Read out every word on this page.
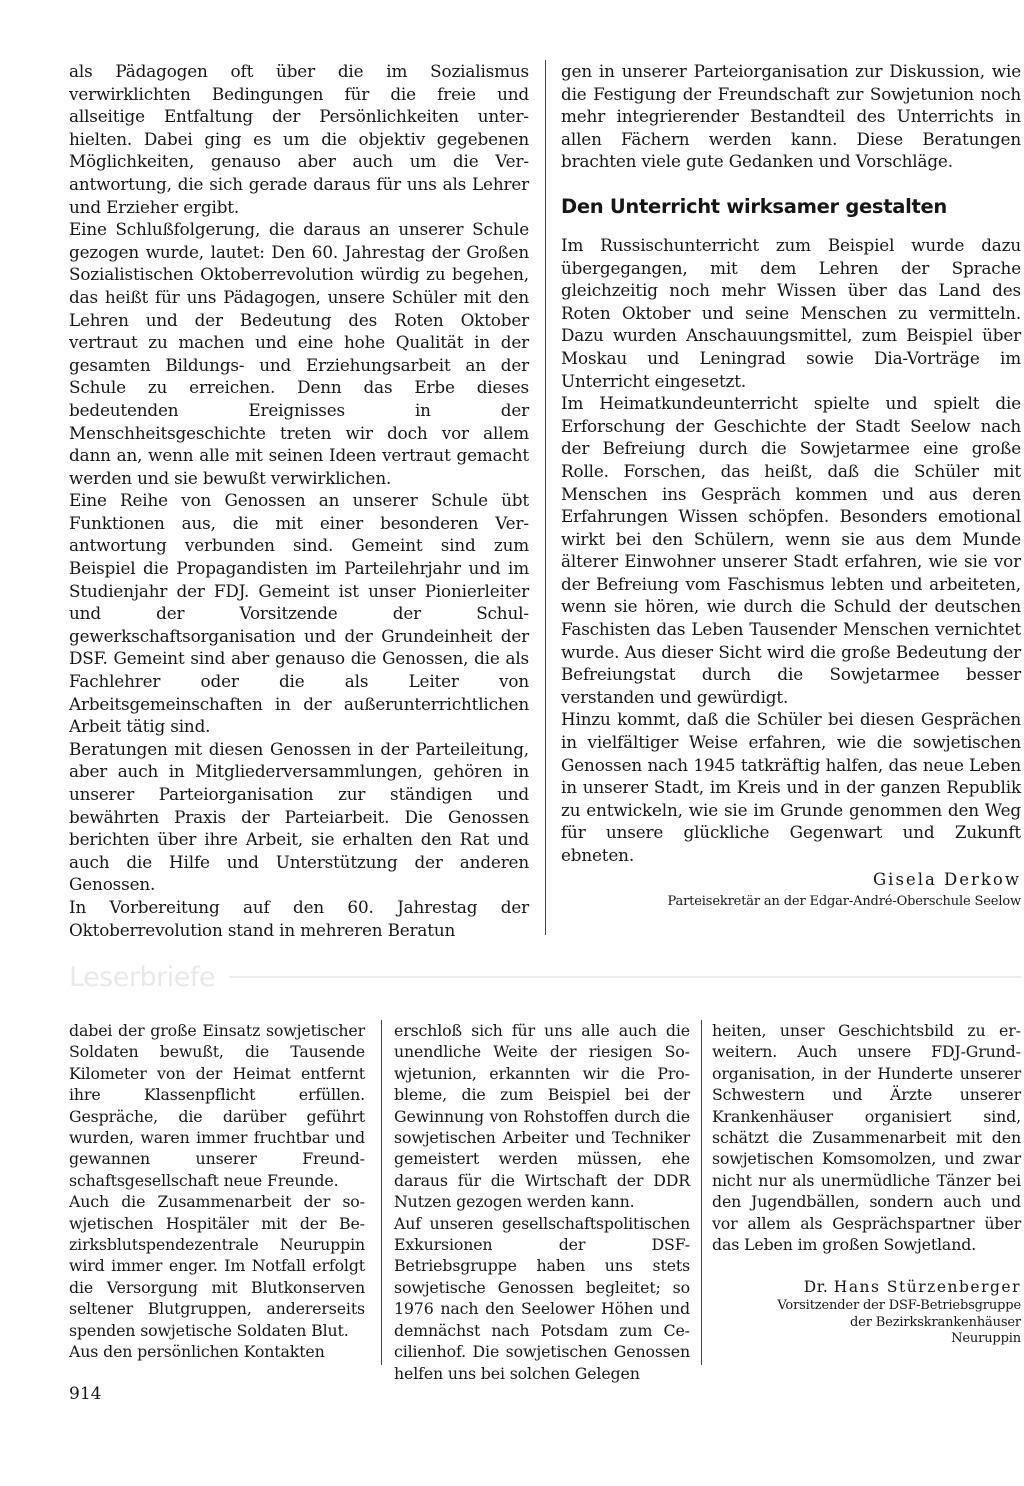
als Pädagogen oft über die im Sozialismus verwirklichten Bedingungen für die freie und allseitige Entfaltung der Persönlichkeiten unterhielten. Dabei ging es um die objektiv gegebenen Möglichkeiten, genauso aber auch um die Verantwortung, die sich gerade daraus für uns als Lehrer und Erzieher ergibt.

Eine Schlußfolgerung, die daraus an unserer Schule gezogen wurde, lautet: Den 60. Jahrestag der Großen Sozialistischen Oktoberrevolution würdig zu begehen, das heißt für uns Pädagogen, unsere Schüler mit den Lehren und der Bedeutung des Roten Oktober vertraut zu machen und eine hohe Qualität in der gesamten Bildungs- und Erziehungsarbeit an der Schule zu erreichen. Denn das Erbe dieses bedeutenden Ereignisses in der Menschheitsgeschichte treten wir doch vor allem dann an, wenn alle mit seinen Ideen vertraut gemacht werden und sie bewußt verwirklichen.

Eine Reihe von Genossen an unserer Schule übt Funktionen aus, die mit einer besonderen Verantwortung verbunden sind. Gemeint sind zum Beispiel die Propagandisten im Parteilehrjahr und im Studienjahr der FDJ. Gemeint ist unser Pionierleiter und der Vorsitzende der Schulgewerkschaftsorganisation und der Grundeinheit der DSF. Gemeint sind aber genauso die Genossen, die als Fachlehrer oder die als Leiter von Arbeitsgemeinschaften in der außerunterrichtlichen Arbeit tätig sind.

Beratungen mit diesen Genossen in der Parteileitung, aber auch in Mitgliederversammlungen, gehören in unserer Parteiorganisation zur ständigen und bewährten Praxis der Parteiarbeit. Die Genossen berichten über ihre Arbeit, sie erhalten den Rat und auch die Hilfe und Unterstützung der anderen Genossen.

In Vorbereitung auf den 60. Jahrestag der Oktoberrevolution stand in mehreren Beratun

gen in unserer Parteiorganisation zur Diskussion, wie die Festigung der Freundschaft zur Sowjetunion noch mehr integrierender Bestandteil des Unterrichts in allen Fächern werden kann. Diese Beratungen brachten viele gute Gedanken und Vorschläge.

Den Unterricht wirksamer gestalten

Im Russischunterricht zum Beispiel wurde dazu übergegangen, mit dem Lehren der Sprache gleichzeitig noch mehr Wissen über das Land des Roten Oktober und seine Menschen zu vermitteln. Dazu wurden Anschauungsmittel, zum Beispiel über Moskau und Leningrad sowie Dia-Vorträge im Unterricht eingesetzt.

Im Heimatkundeunterricht spielte und spielt die Erforschung der Geschichte der Stadt Seelow nach der Befreiung durch die Sowjetarmee eine große Rolle. Forschen, das heißt, daß die Schüler mit Menschen ins Gespräch kommen und aus deren Erfahrungen Wissen schöpfen. Besonders emotional wirkt bei den Schülern, wenn sie aus dem Munde älterer Einwohner unserer Stadt erfahren, wie sie vor der Befreiung vom Faschismus lebten und arbeiteten, wenn sie hören, wie durch die Schuld der deutschen Faschisten das Leben Tausender Menschen vernichtet wurde. Aus dieser Sicht wird die große Bedeutung der Befreiungstat durch die Sowjetarmee besser verstanden und gewürdigt.

Hinzu kommt, daß die Schüler bei diesen Gesprächen in vielfältiger Weise erfahren, wie die sowjetischen Genossen nach 1945 tatkräftig halfen, das neue Leben in unserer Stadt, im Kreis und in der ganzen Republik zu entwickeln, wie sie im Grunde genommen den Weg für unsere glückliche Gegenwart und Zukunft ebneten.

Gisela Derkow
Parteisekretär an der Edgar-André-Oberschule Seelow
Leserbriefe

dabei der große Einsatz sowjetischer Soldaten bewußt, die Tausende Kilometer von der Heimat entfernt ihre Klassenpflicht erfüllen. Gespräche, die darüber geführt wurden, waren immer fruchtbar und gewannen unserer Freundschaftsgesellschaft neue Freunde.

Auch die Zusammenarbeit der sowjetischen Hospitäler mit der Bezirksblutspendezentrale Neuruppin wird immer enger. Im Notfall erfolgt die Versorgung mit Blutkonserven seltener Blutgruppen, andererseits spenden sowjetische Soldaten Blut.

Aus den persönlichen Kontakten

erschloß sich für uns alle auch die unendliche Weite der riesigen Sowjetunion, erkannten wir die Probleme, die zum Beispiel bei der Gewinnung von Rohstoffen durch die sowjetischen Arbeiter und Techniker gemeistert werden müssen, ehe daraus für die Wirtschaft der DDR Nutzen gezogen werden kann.

Auf unseren gesellschaftspolitischen Exkursionen der DSF-Betriebsgruppe haben uns stets sowjetische Genossen begleitet; so 1976 nach den Seelower Höhen und demnächst nach Potsdam zum Cecilienhof. Die sowjetischen Genossen helfen uns bei solchen Gelegen

heiten, unser Geschichtsbild zu erweitern. Auch unsere FDJ-Grundorganisation, in der Hunderte unserer Schwestern und Ärzte unserer Krankenhäuser organisiert sind, schätzt die Zusammenarbeit mit den sowjetischen Komsomolzen, und zwar nicht nur als unermüdliche Tänzer bei den Jugendbällen, sondern auch und vor allem als Gesprächspartner über das Leben im großen Sowjetland.

Dr. Hans Stürzenberger
Vorsitzender der DSF-Betriebsgruppe
der Bezirkskrankenhäuser
Neuruppin
914
